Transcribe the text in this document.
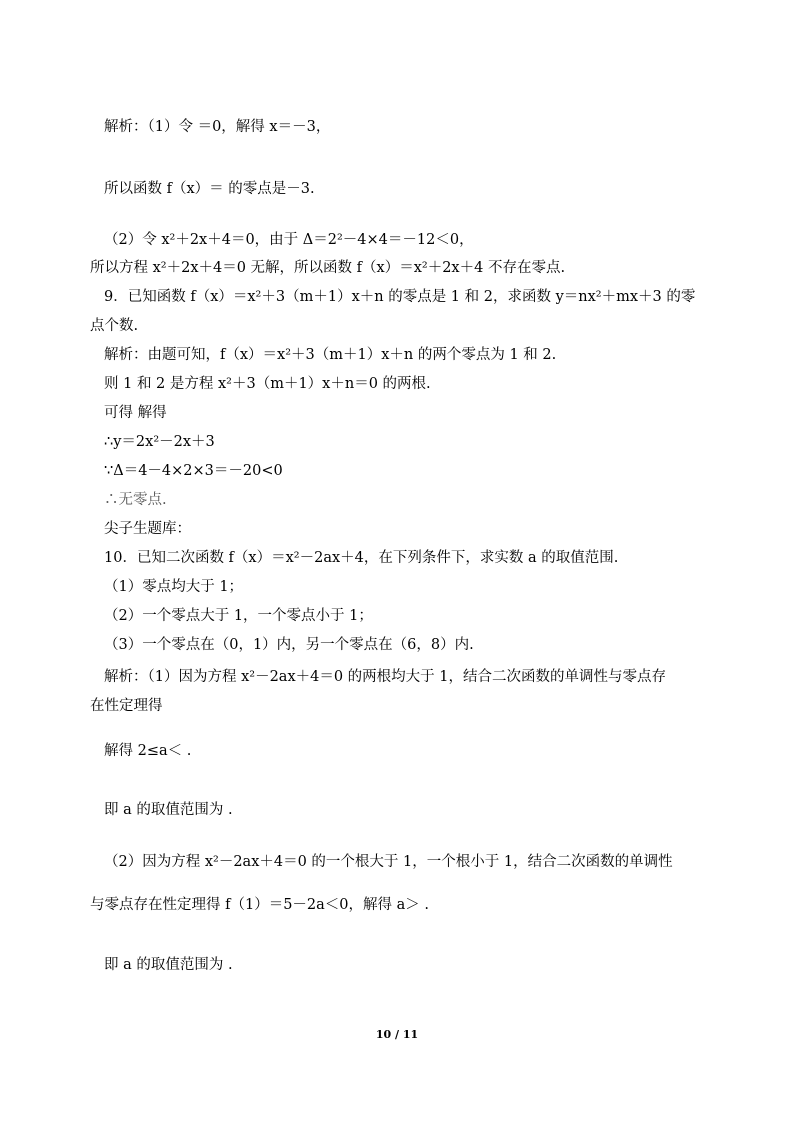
解析：（1）令 ＝0，解得 x＝－3，
所以函数 f（x）＝ 的零点是－3.
（2）令 x²＋2x＋4＝0，由于 Δ＝2²－4×4＝－12＜0，
所以方程 x²＋2x＋4＝0 无解，所以函数 f（x）＝x²＋2x＋4 不存在零点.
9．已知函数 f（x）＝x²＋3（m＋1）x＋n 的零点是 1 和 2，求函数 y＝nx²＋mx＋3 的零
点个数.
解析：由题可知，f（x）＝x²＋3（m＋1）x＋n 的两个零点为 1 和 2.
则 1 和 2 是方程 x²＋3（m＋1）x＋n＝0 的两根.
可得 解得
∴y＝2x²－2x＋3
∵Δ＝4－4×2×3＝－20<0
∴无零点.
尖子生题库：
10．已知二次函数 f（x）＝x²－2ax＋4，在下列条件下，求实数 a 的取值范围.
（1）零点均大于 1；
（2）一个零点大于 1，一个零点小于 1；
（3）一个零点在（0，1）内，另一个零点在（6，8）内.
解析：（1）因为方程 x²－2ax＋4＝0 的两根均大于 1，结合二次函数的单调性与零点存
在性定理得
解得 2≤a＜ .
即 a 的取值范围为 .
（2）因为方程 x²－2ax＋4＝0 的一个根大于 1，一个根小于 1，结合二次函数的单调性
与零点存在性定理得 f（1）＝5－2a＜0，解得 a＞ .
即 a 的取值范围为 .
10 / 11
